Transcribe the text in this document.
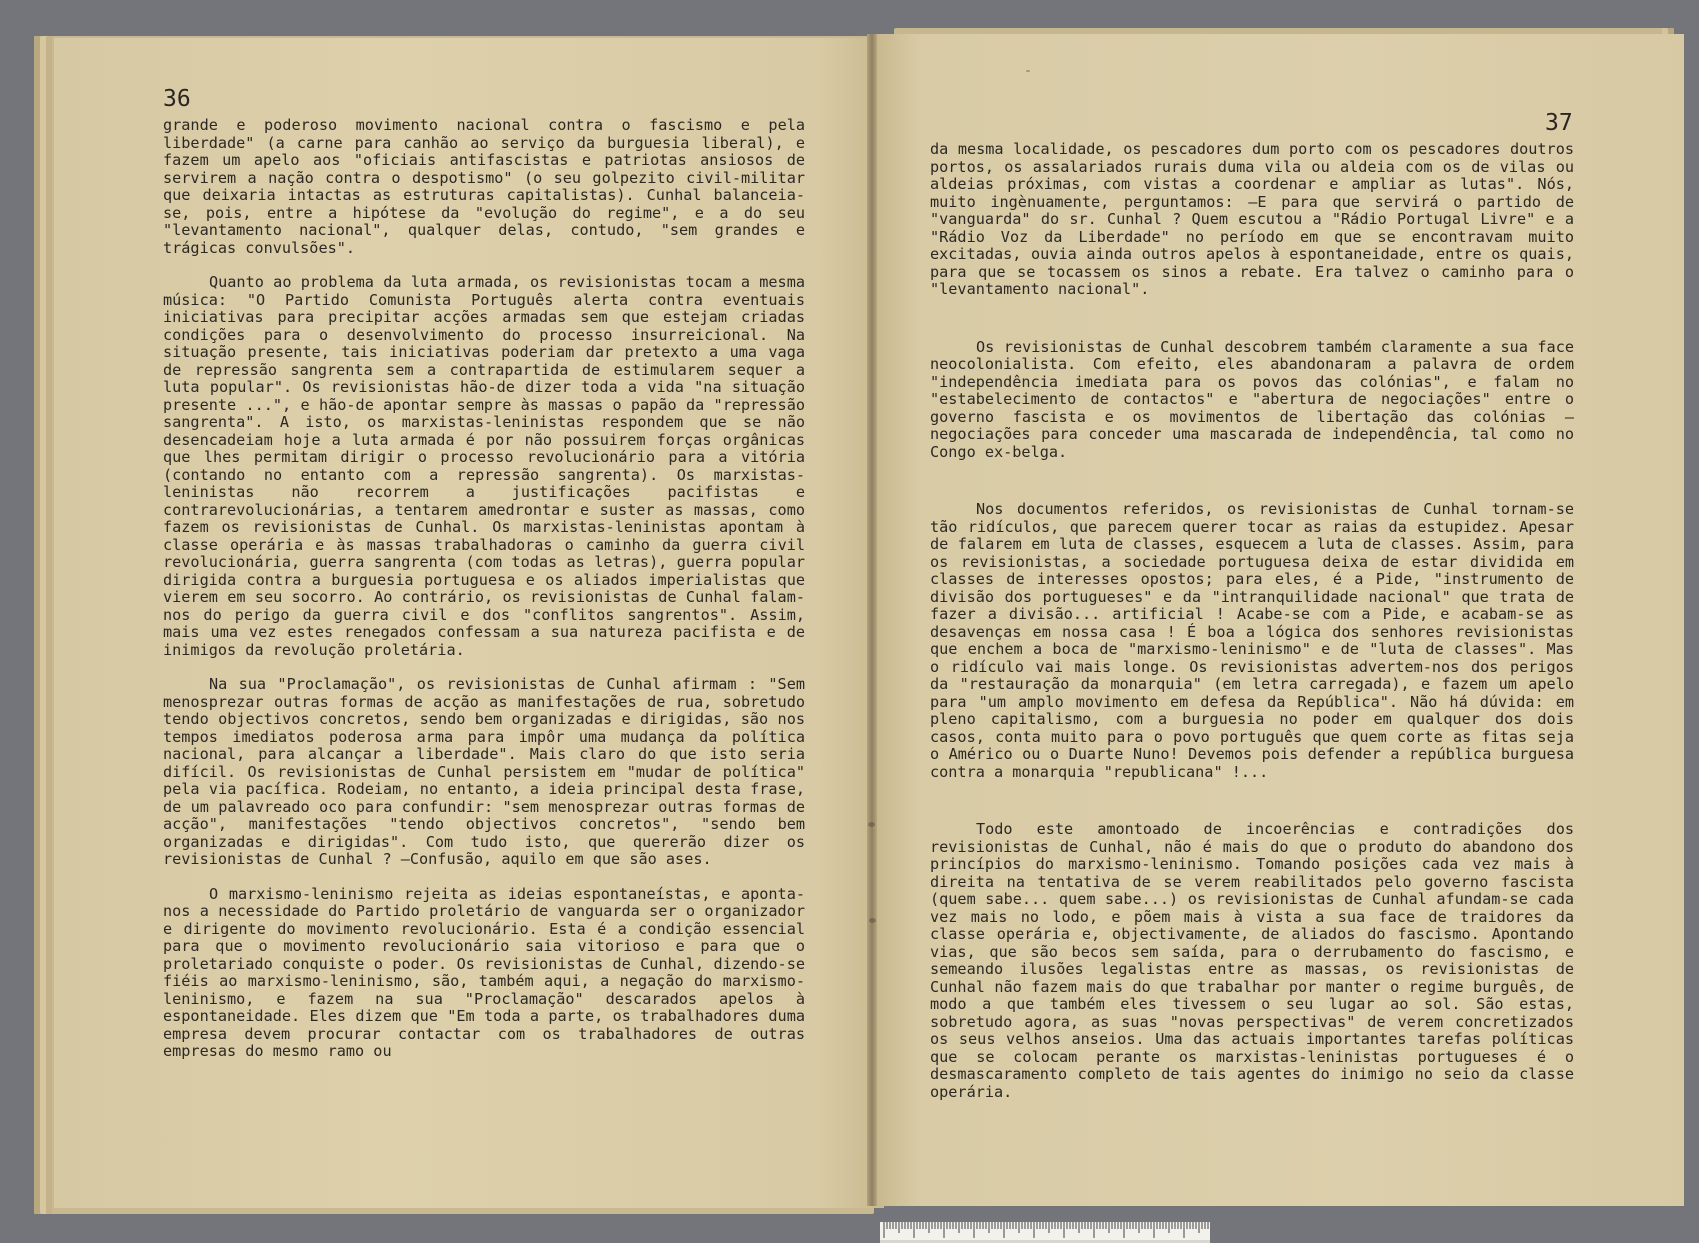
36
37

grande e poderoso movimento nacional contra o fascismo e pela liberdade" (a carne para canhão ao serviço da burguesia liberal), e fazem um apelo aos "oficiais antifascistas e patriotas ansiosos de servirem a nação contra o despotismo" (o seu golpezito civil-militar que deixaria intactas as estruturas capitalistas). Cunhal balanceia-se, pois, entre a hipótese da "evolução do regime", e a do seu "levantamento nacional", qualquer delas, contudo, "sem grandes e trágicas convulsões".

Quanto ao problema da luta armada, os revisionistas tocam a mesma música: "O Partido Comunista Português alerta contra eventuais iniciativas para precipitar acções armadas sem que estejam criadas condições para o desenvolvimento do processo insurreicional. Na situação presente, tais iniciativas poderiam dar pretexto a uma vaga de repressão sangrenta sem a contrapartida de estimularem sequer a luta popular". Os revisionistas hão-de dizer toda a vida "na situação presente ...", e hão-de apontar sempre às massas o papão da "repressão sangrenta". A isto, os marxistas-leninistas respondem que se não desencadeiam hoje a luta armada é por não possuirem forças orgânicas que lhes permitam dirigir o processo revolucionário para a vitória (contando no entanto com a repressão sangrenta). Os marxistas-leninistas não recorrem a justificações pacifistas e contrarevolucionárias, a tentarem amedrontar e suster as massas, como fazem os revisionistas de Cunhal. Os marxistas-leninistas apontam à classe operária e às massas trabalhadoras o caminho da guerra civil revolucionária, guerra sangrenta (com todas as letras), guerra popular dirigida contra a burguesia portuguesa e os aliados imperialistas que vierem em seu socorro. Ao contrário, os revisionistas de Cunhal falam-nos do perigo da guerra civil e dos "conflitos sangrentos". Assim, mais uma vez estes renegados confessam a sua natureza pacifista e de inimigos da revolução proletária.

Na sua "Proclamação", os revisionistas de Cunhal afirmam : "Sem menosprezar outras formas de acção as manifestações de rua, sobretudo tendo objectivos concretos, sendo bem organizadas e dirigidas, são nos tempos imediatos poderosa arma para impôr uma mudança da política nacional, para alcançar a liberdade". Mais claro do que isto seria difícil. Os revisionistas de Cunhal persistem em "mudar de política" pela via pacífica. Rodeiam, no entanto, a ideia principal desta frase, de um palavreado oco para confundir: "sem menosprezar outras formas de acção", manifestações "tendo objectivos concretos", "sendo bem organizadas e dirigidas". Com tudo isto, que quererão dizer os revisionistas de Cunhal ? —Confusão, aquilo em que são ases.

O marxismo-leninismo rejeita as ideias espontaneístas, e aponta-nos a necessidade do Partido proletário de vanguarda ser o organizador e dirigente do movimento revolucionário. Esta é a condição essencial para que o movimento revolucionário saia vitorioso e para que o proletariado conquiste o poder. Os revisionistas de Cunhal, dizendo-se fiéis ao marxismo-leninismo, são, também aqui, a negação do marxismo-leninismo, e fazem na sua "Proclamação" descarados apelos à espontaneidade. Eles dizem que "Em toda a parte, os trabalhadores duma empresa devem procurar contactar com os trabalhadores de outras empresas do mesmo ramo ou

da mesma localidade, os pescadores dum porto com os pescadores doutros portos, os assalariados rurais duma vila ou aldeia com os de vilas ou aldeias próximas, com vistas a coordenar e ampliar as lutas". Nós, muito ingènuamente, perguntamos: —E para que servirá o partido de "vanguarda" do sr. Cunhal ? Quem escutou a "Rádio Portugal Livre" e a "Rádio Voz da Liberdade" no período em que se encontravam muito excitadas, ouvia ainda outros apelos à espontaneidade, entre os quais, para que se tocassem os sinos a rebate. Era talvez o caminho para o "levantamento nacional".

Os revisionistas de Cunhal descobrem também claramente a sua face neocolonialista. Com efeito, eles abandonaram a palavra de ordem "independência imediata para os povos das colónias", e falam no "estabelecimento de contactos" e "abertura de negociações" entre o governo fascista e os movimentos de libertação das colónias —negociações para conceder uma mascarada de independência, tal como no Congo ex-belga.

Nos documentos referidos, os revisionistas de Cunhal tornam-se tão ridículos, que parecem querer tocar as raias da estupidez. Apesar de falarem em luta de classes, esquecem a luta de classes. Assim, para os revisionistas, a sociedade portuguesa deixa de estar dividida em classes de interesses opostos; para eles, é a Pide, "instrumento de divisão dos portugueses" e da "intranquilidade nacional" que trata de fazer a divisão... artificial ! Acabe-se com a Pide, e acabam-se as desavenças em nossa casa ! É boa a lógica dos senhores revisionistas que enchem a boca de "marxismo-leninismo" e de "luta de classes". Mas o ridículo vai mais longe. Os revisionistas advertem-nos dos perigos da "restauração da monarquia" (em letra carregada), e fazem um apelo para "um amplo movimento em defesa da República". Não há dúvida: em pleno capitalismo, com a burguesia no poder em qualquer dos dois casos, conta muito para o povo português que quem corte as fitas seja o Américo ou o Duarte Nuno! Devemos pois defender a república burguesa contra a monarquia "republicana" !...

Todo este amontoado de incoerências e contradições dos revisionistas de Cunhal, não é mais do que o produto do abandono dos princípios do marxismo-leninismo. Tomando posições cada vez mais à direita na tentativa de se verem reabilitados pelo governo fascista (quem sabe... quem sabe...) os revisionistas de Cunhal afundam-se cada vez mais no lodo, e põem mais à vista a sua face de traidores da classe operária e, objectivamente, de aliados do fascismo. Apontando vias, que são becos sem saída, para o derrubamento do fascismo, e semeando ilusões legalistas entre as massas, os revisionistas de Cunhal não fazem mais do que trabalhar por manter o regime burguês, de modo a que também eles tivessem o seu lugar ao sol. São estas, sobretudo agora, as suas "novas perspectivas" de verem concretizados os seus velhos anseios. Uma das actuais importantes tarefas políticas que se colocam perante os marxistas-leninistas portugueses é o desmascaramento completo de tais agentes do inimigo no seio da classe operária.
